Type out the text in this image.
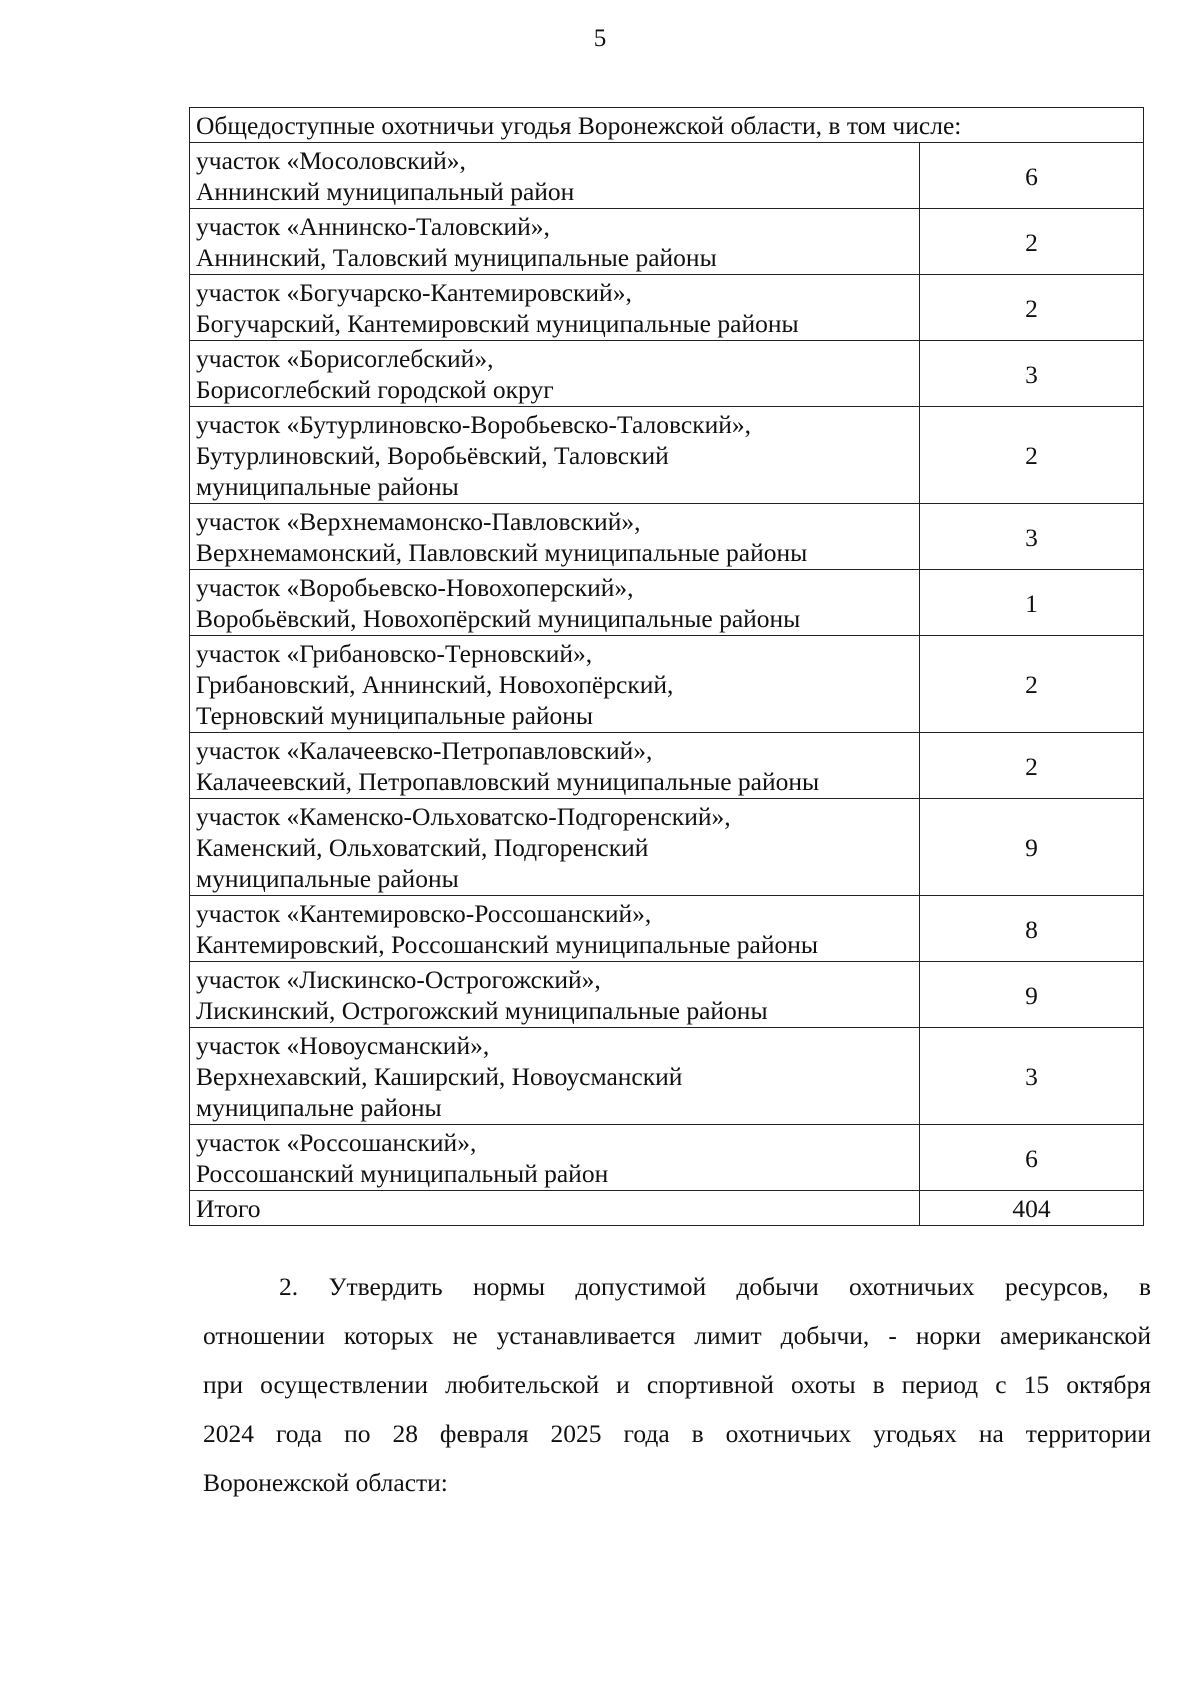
5
Общедоступные охотничьи угодья Воронежской области, в том числе:	

участок «Мосоловский»,
Аннинский муниципальный район	6

участок «Аннинско-Таловский»,
Аннинский, Таловский муниципальные районы	2

участок «Богучарско-Кантемировский»,
Богучарский, Кантемировский муниципальные районы	2

участок «Борисоглебский»,
Борисоглебский городской округ	3

участок «Бутурлиновско-Воробьевско-Таловский»,
Бутурлиновский, Воробьёвский, Таловский
муниципальные районы	2

участок «Верхнемамонско-Павловский»,
Верхнемамонский, Павловский муниципальные районы	3

участок «Воробьевско-Новохоперский»,
Воробьёвский, Новохопёрский муниципальные районы	1

участок «Грибановско-Терновский»,
Грибановский, Аннинский, Новохопёрский,
Терновский муниципальные районы	2

участок «Калачеевско-Петропавловский»,
Калачеевский, Петропавловский муниципальные районы	2

участок «Каменско-Ольховатско-Подгоренский»,
Каменский, Ольховатский, Подгоренский
муниципальные районы	9

участок «Кантемировско-Россошанский»,
Кантемировский, Россошанский муниципальные районы	8

участок «Лискинско-Острогожский»,
Лискинский, Острогожский муниципальные районы	9

участок «Новоусманский»,
Верхнехавский, Каширский, Новоусманский
муниципальне районы	3

участок «Россошанский»,
Россошанский муниципальный район	6
Итого	404
2. Утвердить нормы допустимой добычи охотничьих ресурсов, в
отношении которых не устанавливается лимит добычи, - норки американской
при осуществлении любительской и спортивной охоты в период с 15 октября
2024 года по 28 февраля 2025 года в охотничьих угодьях на территории
Воронежской области:
